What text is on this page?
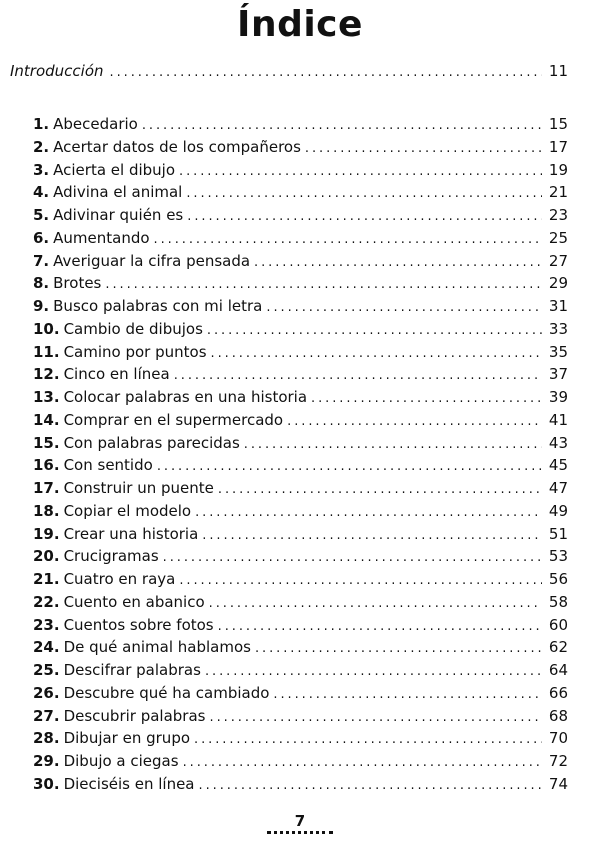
Índice
Introducción . . .	11
1. Abecedario . . .	15
2. Acertar datos de los compañeros . . .	17
3. Acierta el dibujo . . .	19
4. Adivina el animal . . .	21
5. Adivinar quién es . . .	23
6. Aumentando . . .	25
7. Averiguar la cifra pensada . . .	27
8. Brotes . . .	29
9. Busco palabras con mi letra . . .	31
10. Cambio de dibujos . . .	33
11. Camino por puntos . . .	35
12. Cinco en línea . . .	37
13. Colocar palabras en una historia . . .	39
14. Comprar en el supermercado . . .	41
15. Con palabras parecidas . . .	43
16. Con sentido . . .	45
17. Construir un puente . . .	47
18. Copiar el modelo . . .	49
19. Crear una historia . . .	51
20. Crucigramas . . .	53
21. Cuatro en raya . . .	56
22. Cuento en abanico . . .	58
23. Cuentos sobre fotos . . .	60
24. De qué animal hablamos . . .	62
25. Descifrar palabras . . .	64
26. Descubre qué ha cambiado . . .	66
27. Descubrir palabras . . .	68
28. Dibujar en grupo . . .	70
29. Dibujo a ciegas . . .	72
30. Dieciséis en línea . . .	74
7
